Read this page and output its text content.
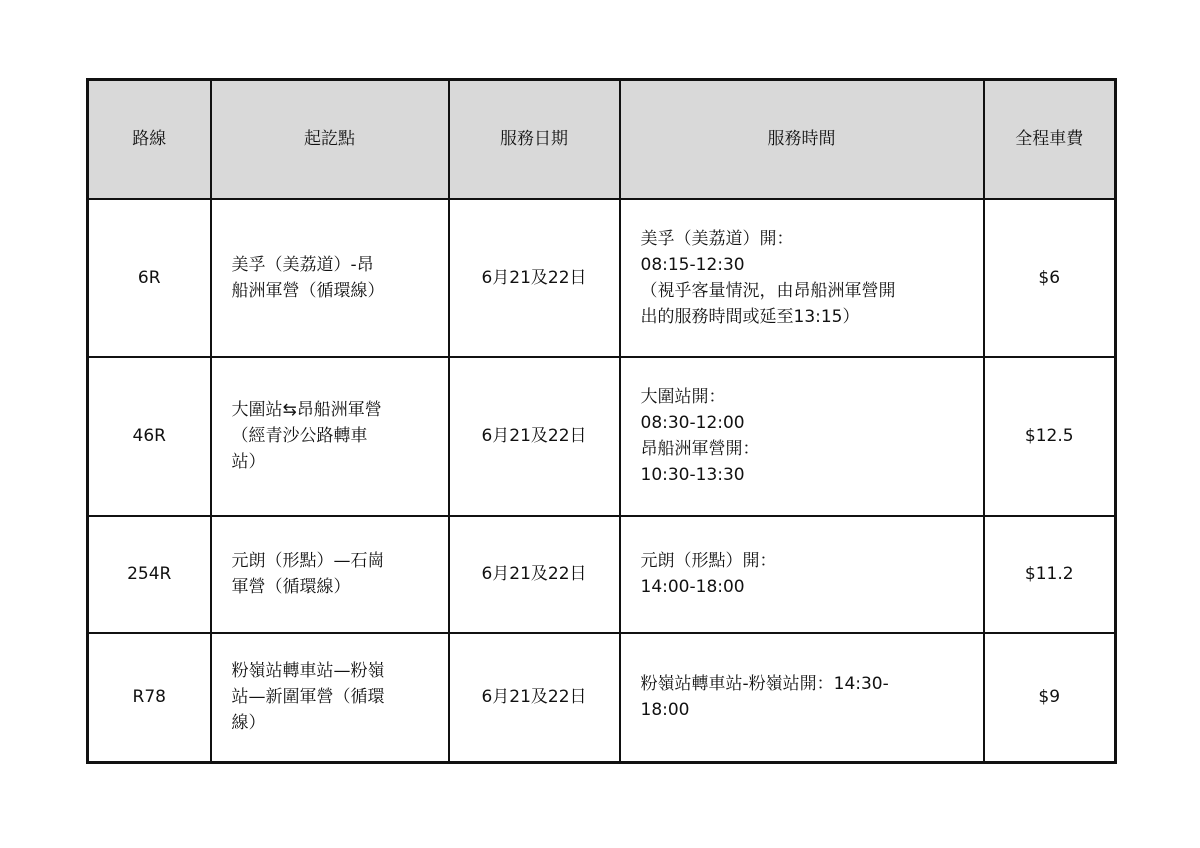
路線	起訖點	服務日期	服務時間	全程車費
6R	美孚（美荔道）-昂
船洲軍營（循環線）	6月21及22日	美孚（美荔道）開：
08:15-12:30
（視乎客量情況，由昂船洲軍營開
出的服務時間或延至13:15）	$6
46R	大圍站⇆昂船洲軍營
（經青沙公路轉車
站）	6月21及22日	大圍站開：
08:30-12:00
昂船洲軍營開：
10:30-13:30	$12.5
254R	元朗（形點）—石崗
軍營（循環線）	6月21及22日	元朗（形點）開：
14:00-18:00	$11.2
R78	粉嶺站轉車站—粉嶺
站—新圍軍營（循環
線）	6月21及22日	粉嶺站轉車站-粉嶺站開：14:30-
18:00	$9
